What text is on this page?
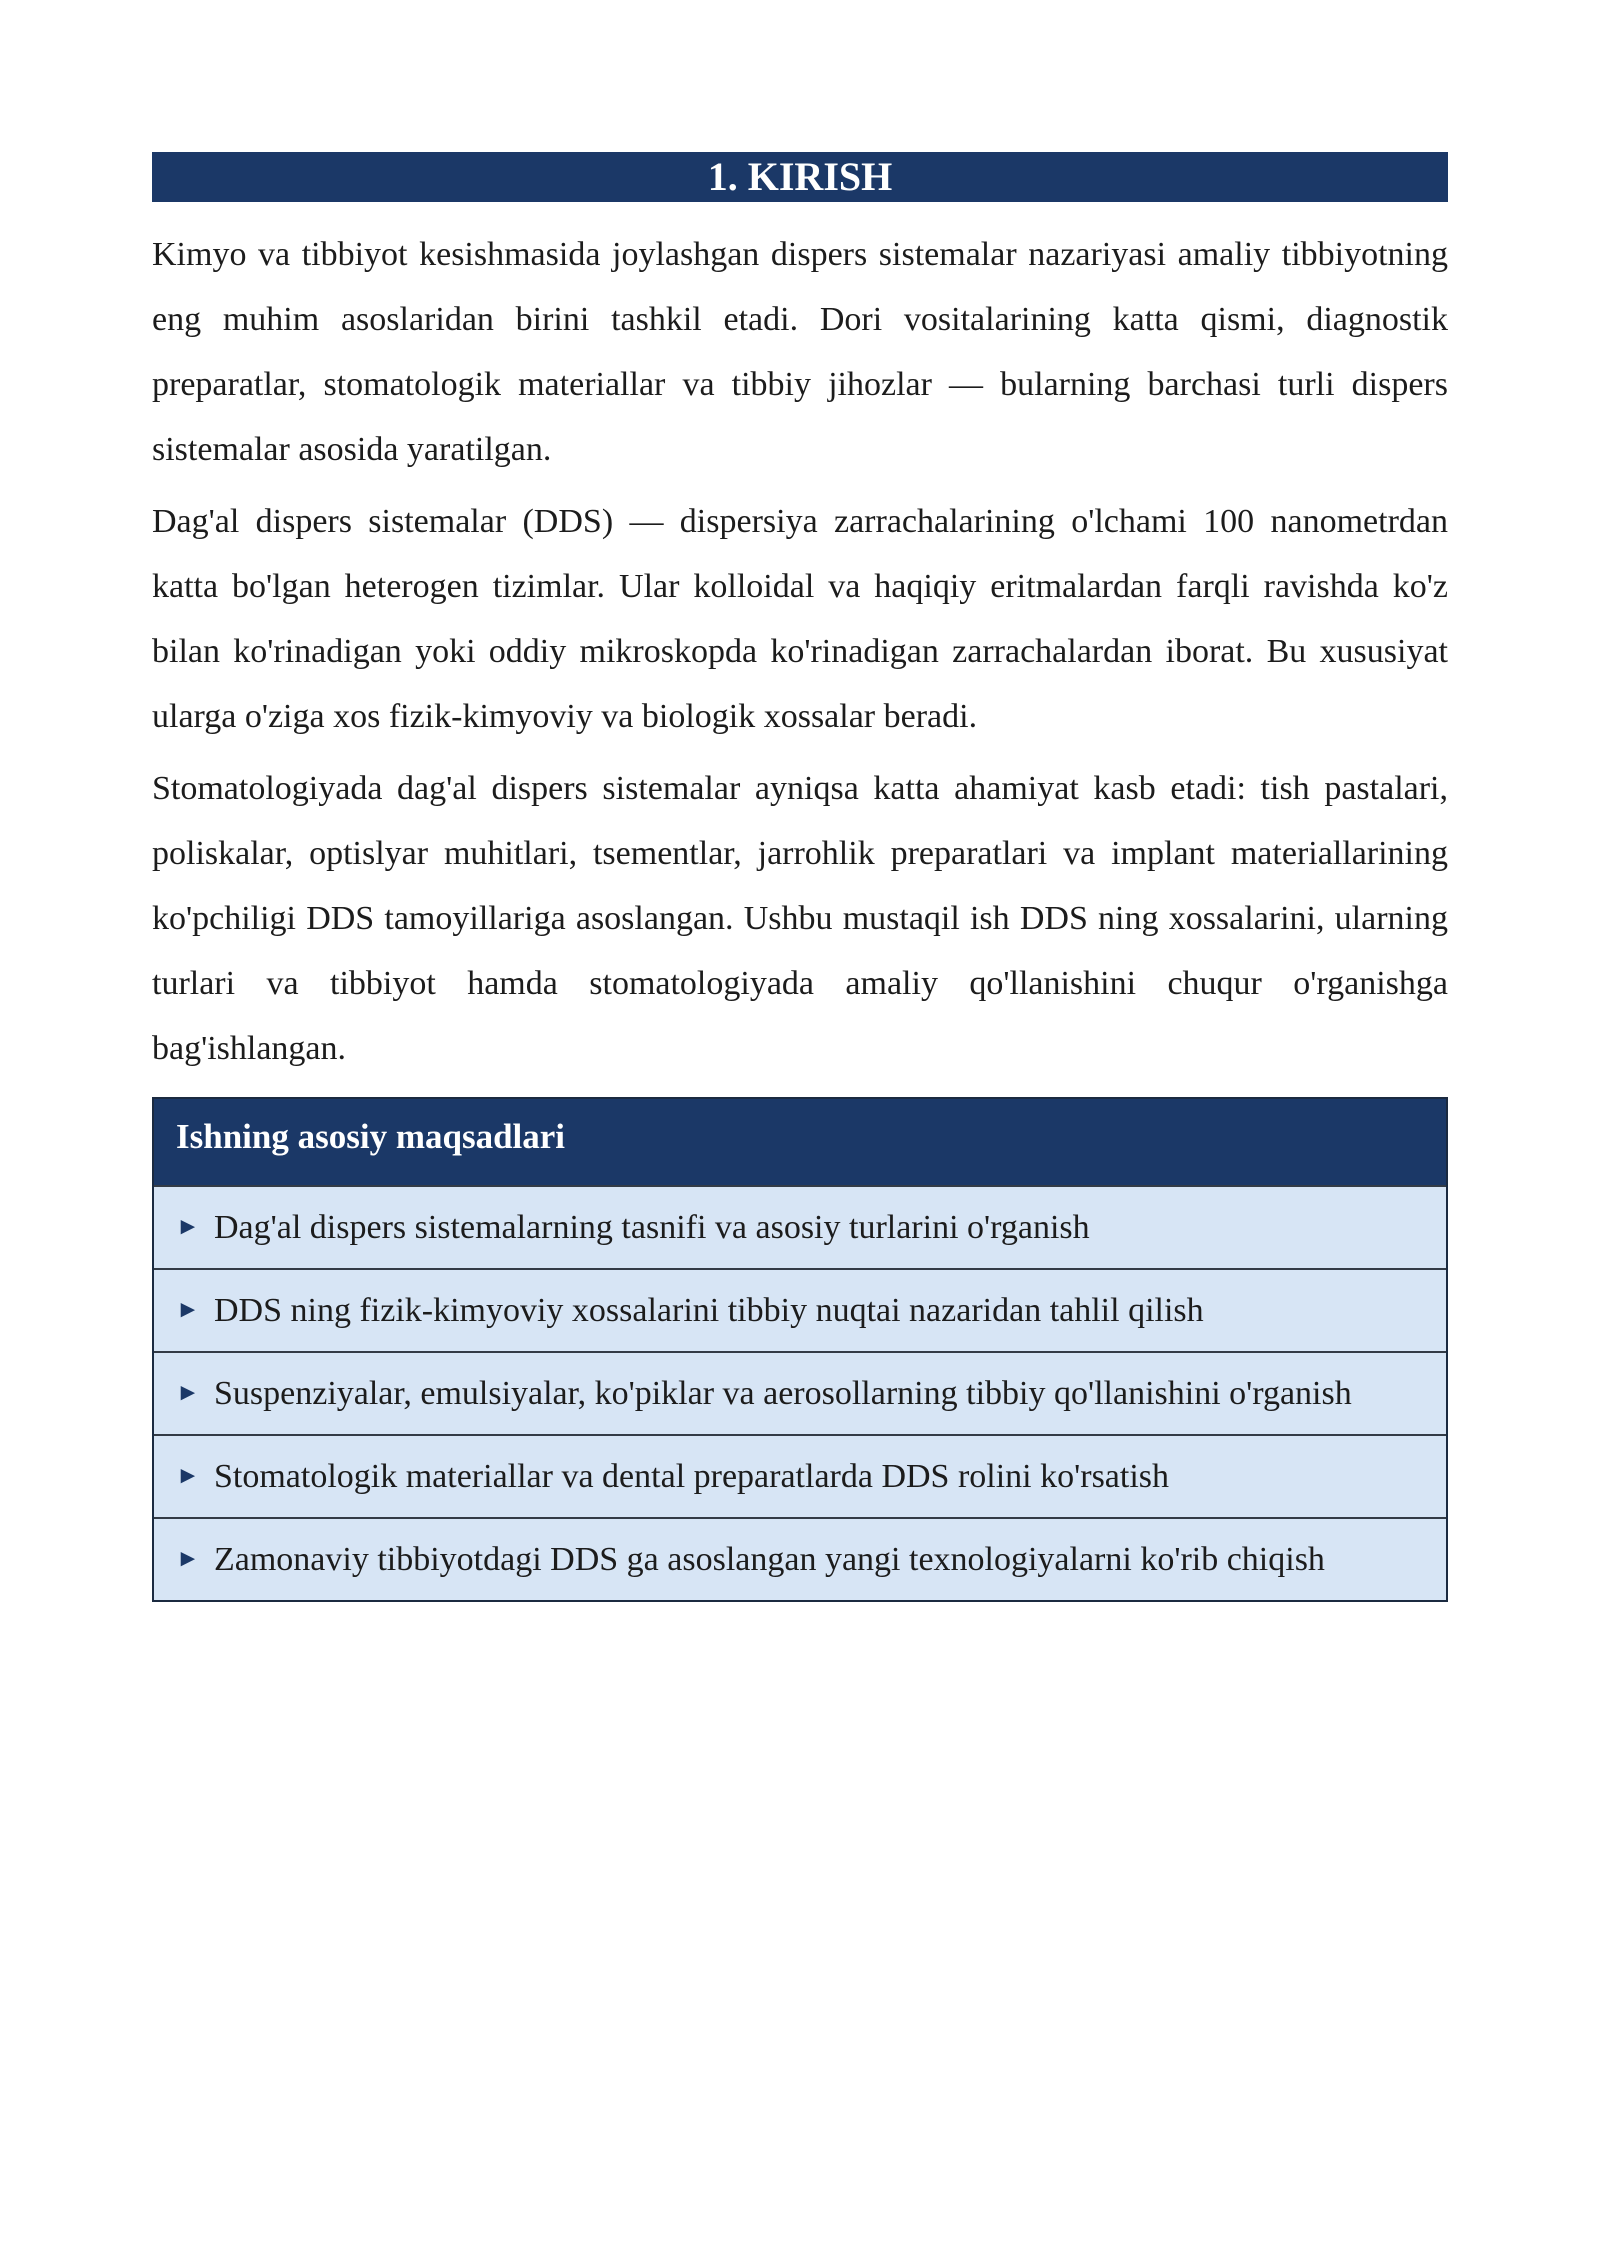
1. KIRISH

Kimyo va tibbiyot kesishmasida joylashgan dispers sistemalar nazariyasi amaliy tibbiyotning eng muhim asoslaridan birini tashkil etadi. Dori vositalarining katta qismi, diagnostik preparatlar, stomatologik materiallar va tibbiy jihozlar — bularning barchasi turli dispers sistemalar asosida yaratilgan.

Dag'al dispers sistemalar (DDS) — dispersiya zarrachalarining o'lchami 100 nanometrdan katta bo'lgan heterogen tizimlar. Ular kolloidal va haqiqiy eritmalardan farqli ravishda ko'z bilan ko'rinadigan yoki oddiy mikroskopda ko'rinadigan zarrachalardan iborat. Bu xususiyat ularga o'ziga xos fizik-kimyoviy va biologik xossalar beradi.

Stomatologiyada dag'al dispers sistemalar ayniqsa katta ahamiyat kasb etadi: tish pastalari, poliskalar, optislyar muhitlari, tsementlar, jarrohlik preparatlari va implant materiallarining ko'pchiligi DDS tamoyillariga asoslangan. Ushbu mustaqil ish DDS ning xossalarini, ularning turlari va tibbiyot hamda stomatologiyada amaliy qo'llanishini chuqur o'rganishga bag'ishlangan.

Ishning asosiy maqsadlari
► Dag'al dispers sistemalarning tasnifi va asosiy turlarini o'rganish
► DDS ning fizik-kimyoviy xossalarini tibbiy nuqtai nazaridan tahlil qilish
► Suspenziyalar, emulsiyalar, ko'piklar va aerosollarning tibbiy qo'llanishini o'rganish
► Stomatologik materiallar va dental preparatlarda DDS rolini ko'rsatish
► Zamonaviy tibbiyotdagi DDS ga asoslangan yangi texnologiyalarni ko'rib chiqish
